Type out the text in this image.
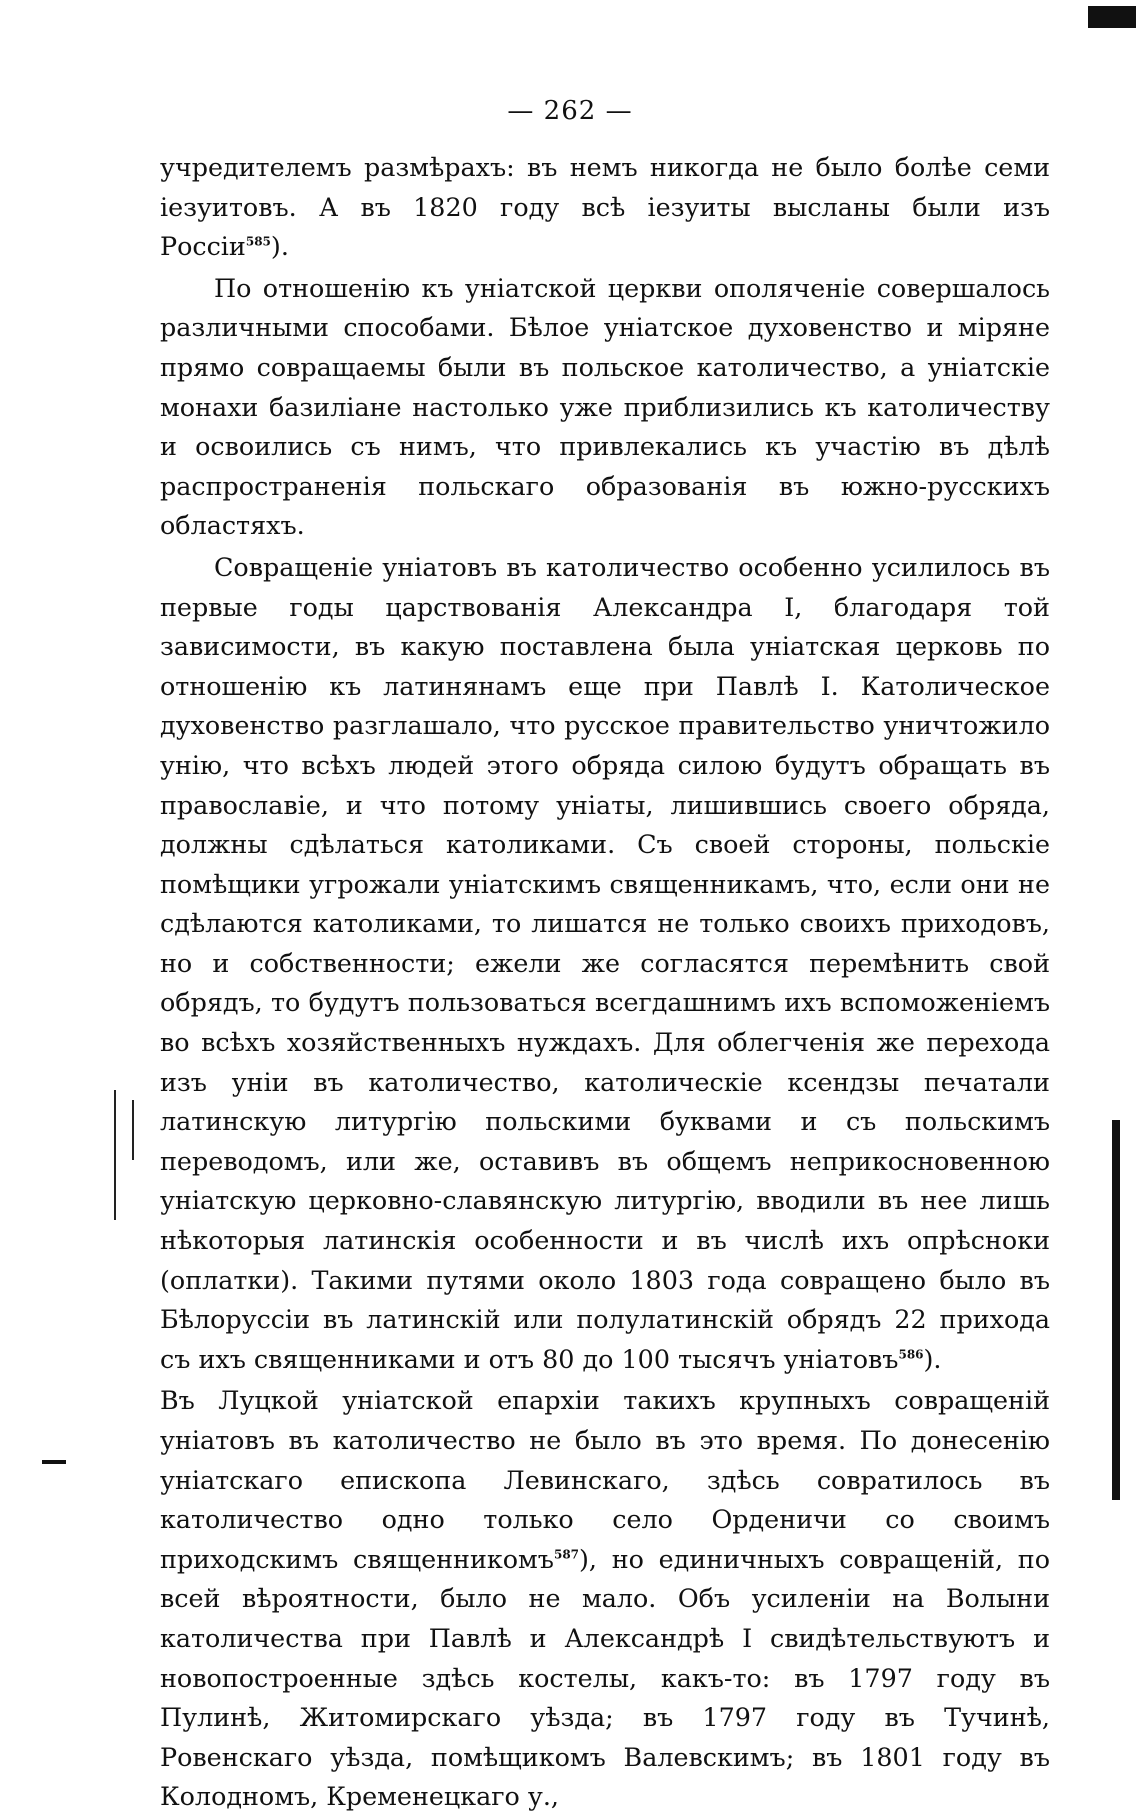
— 262 —

учредителемъ размѣрахъ: въ немъ никогда не было болѣе семи іезуитовъ. А въ 1820 году всѣ іезуиты высланы были изъ Россіи$^{585}$).

По отношенію къ уніатской церкви ополяченіе совершалось различными способами. Бѣлое уніатское духовенство и міряне прямо совращаемы были въ польское католичество, а уніатскіе монахи базиліане настолько уже приблизились къ католичеству и освоились съ нимъ, что привлекались къ участію въ дѣлѣ распространенія польскаго образованія въ южно-русскихъ областяхъ.

Совращеніе уніатовъ въ католичество особенно усилилось въ первые годы царствованія Александра I, благодаря той зависимости, въ какую поставлена была уніатская церковь по отношенію къ латинянамъ еще при Павлѣ I. Католическое духовенство разглашало, что русское правительство уничтожило унію, что всѣхъ людей этого обряда силою будутъ обращать въ православіе, и что потому уніаты, лишившись своего обряда, должны сдѣлаться католиками. Съ своей стороны, польскіе помѣщики угрожали уніатскимъ священникамъ, что, если они не сдѣлаются католиками, то лишатся не только своихъ приходовъ, но и собственности; ежели же согласятся перемѣнить свой обрядъ, то будутъ пользоваться всегдашнимъ ихъ вспоможеніемъ во всѣхъ хозяйственныхъ нуждахъ. Для облегченія же перехода изъ уніи въ католичество, католическіе ксендзы печатали латинскую литургію польскими буквами и съ польскимъ переводомъ, или же, оставивъ въ общемъ неприкосновенною уніатскую церковно-славянскую литургію, вводили въ нее лишь нѣкоторыя латинскія особенности и въ числѣ ихъ опрѣсноки (оплатки). Такими путями около 1803 года совращено было въ Бѣлоруссіи въ латинскій или полулатинскій обрядъ 22 прихода съ ихъ священниками и отъ 80 до 100 тысячъ уніатовъ$^{586}$).

Въ Луцкой уніатской епархіи такихъ крупныхъ совращеній уніатовъ въ католичество не было въ это время. По донесенію уніатскаго епископа Левинскаго, здѣсь совратилось въ католичество одно только село Орденичи со своимъ приходскимъ священникомъ$^{587}$), но единичныхъ совращеній, по всей вѣроятности, было не мало. Объ усиленіи на Волыни католичества при Павлѣ и Александрѣ I свидѣтельствуютъ и новопостроенные здѣсь костелы, какъ-то: въ 1797 году въ Пулинѣ, Житомирскаго уѣзда; въ 1797 году въ Тучинѣ, Ровенскаго уѣзда, помѣщикомъ Валевскимъ; въ 1801 году въ Колодномъ, Кременецкаго у.,
